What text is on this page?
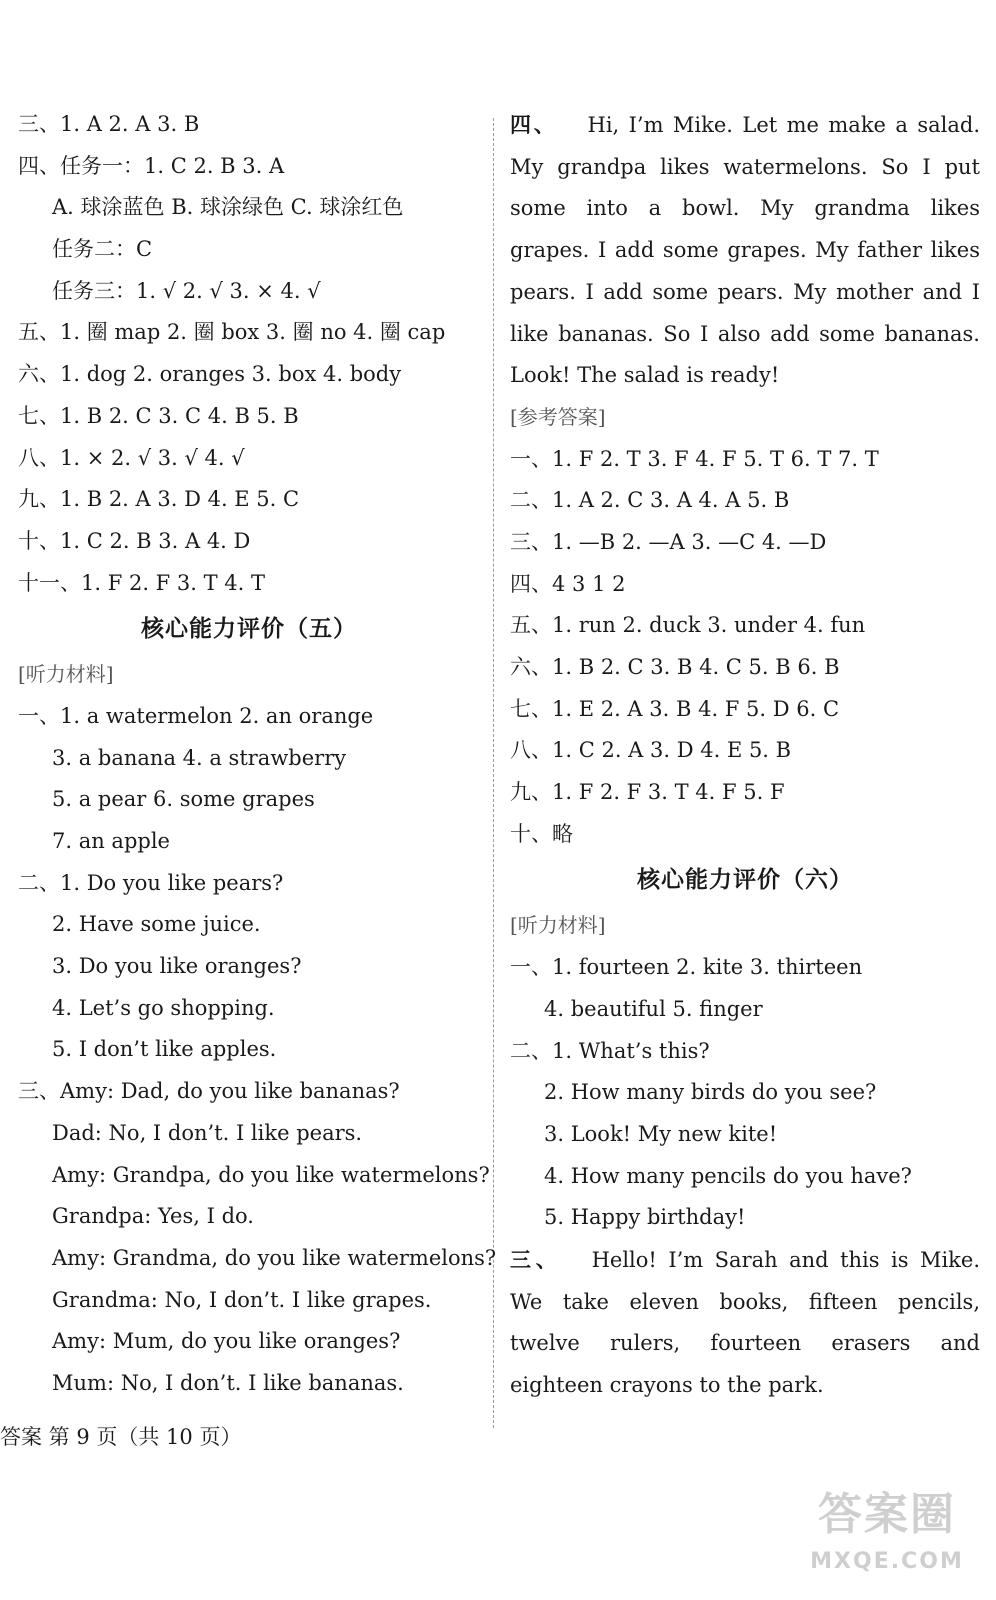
三、1. A 2. A 3. B
四、任务一：1. C 2. B 3. A
A. 球涂蓝色 B. 球涂绿色 C. 球涂红色
任务二：C
任务三：1. √ 2. √ 3. × 4. √
五、1. 圈 map 2. 圈 box 3. 圈 no 4. 圈 cap
六、1. dog 2. oranges 3. box 4. body
七、1. B 2. C 3. C 4. B 5. B
八、1. × 2. √ 3. √ 4. √
九、1. B 2. A 3. D 4. E 5. C
十、1. C 2. B 3. A 4. D
十一、1. F 2. F 3. T 4. T
核心能力评价（五）
[听力材料]
一、1. a watermelon 2. an orange
3. a banana 4. a strawberry
5. a pear 6. some grapes
7. an apple
二、1. Do you like pears?
2. Have some juice.
3. Do you like oranges?
4. Let’s go shopping.
5. I don’t like apples.
三、Amy: Dad, do you like bananas?
Dad: No, I don’t. I like pears.
Amy: Grandpa, do you like watermelons?
Grandpa: Yes, I do.
Amy: Grandma, do you like watermelons?
Grandma: No, I don’t. I like grapes.
Amy: Mum, do you like oranges?
Mum: No, I don’t. I like bananas.
四、 Hi, I’m Mike. Let me make a salad. My grandpa likes watermelons. So I put some into a bowl. My grandma likes grapes. I add some grapes. My father likes pears. I add some pears. My mother and I like bananas. So I also add some bananas. Look! The salad is ready!
[参考答案]
一、1. F 2. T 3. F 4. F 5. T 6. T 7. T
二、1. A 2. C 3. A 4. A 5. B
三、1. —B 2. —A 3. —C 4. —D
四、4 3 1 2
五、1. run 2. duck 3. under 4. fun
六、1. B 2. C 3. B 4. C 5. B 6. B
七、1. E 2. A 3. B 4. F 5. D 6. C
八、1. C 2. A 3. D 4. E 5. B
九、1. F 2. F 3. T 4. F 5. F
十、略
核心能力评价（六）
[听力材料]
一、1. fourteen 2. kite 3. thirteen
4. beautiful 5. finger
二、1. What’s this?
2. How many birds do you see?
3. Look! My new kite!
4. How many pencils do you have?
5. Happy birthday!
三、 Hello! I’m Sarah and this is Mike. We take eleven books, fifteen pencils, twelve rulers, fourteen erasers and eighteen crayons to the park.
答案 第 9 页（共 10 页）
答案圈
MXQE.COM
